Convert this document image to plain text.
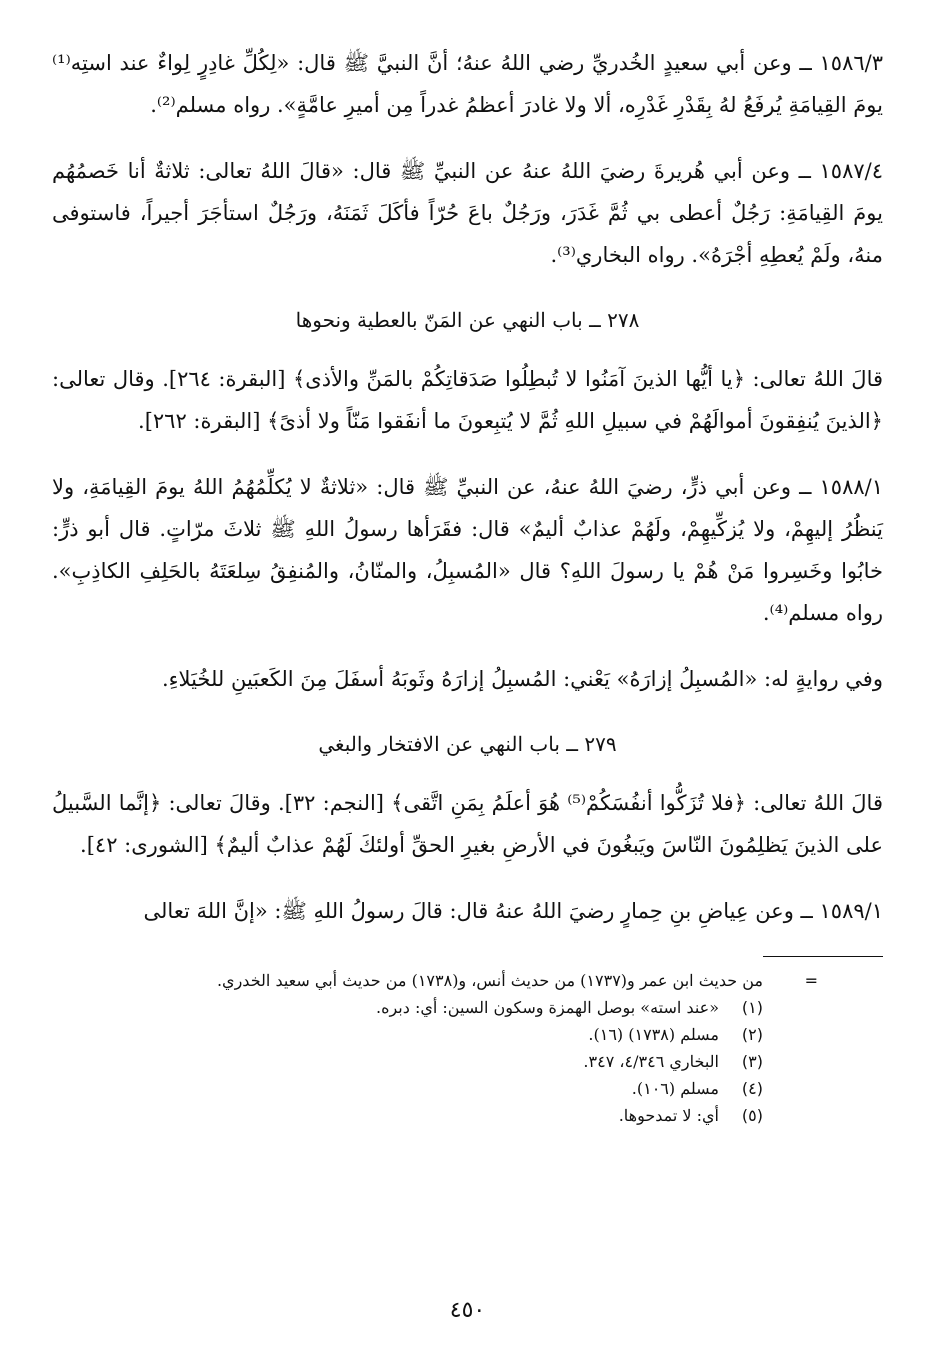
١٥٨٦/٣ ــ وعن أبي سعيدٍ الخُدريِّ رضي اللهُ عنهُ؛ أنَّ النبيَّ ﷺ قال: «لِكُلِّ غادِرٍ لِواءٌ عند استِه⁽¹⁾ يومَ القِيامَةِ يُرفَعُ لهُ بِقَدْرِ غَدْرِه، ألا ولا غادرَ أعظمُ غدراً مِن أميرِ عامَّةٍ». رواه مسلم⁽²⁾.

١٥٨٧/٤ ــ وعن أبي هُريرةَ رضيَ اللهُ عنهُ عن النبيِّ ﷺ قال: «قالَ اللهُ تعالى: ثلاثةٌ أنا خَصمُهُم يومَ القِيامَةِ: رَجُلٌ أعطى بي ثُمَّ غَدَرَ، ورَجُلٌ باعَ حُرّاً فأكَلَ ثَمَنَهُ، ورَجُلٌ استأجَرَ أجيراً، فاستوفى منهُ، ولَمْ يُعطِهِ أجْرَهُ». رواه البخاري⁽³⁾.

٢٧٨ ــ باب النهي عن المَنّ بالعطية ونحوها

قالَ اللهُ تعالى: ﴿يا أيُّها الذينَ آمَنُوا لا تُبطِلُوا صَدَقاتِكُمْ بالمَنِّ والأذى﴾ [البقرة: ٢٦٤]. وقال تعالى: ﴿الذينَ يُنفِقونَ أموالَهُمْ في سبيلِ اللهِ ثُمَّ لا يُتبِعونَ ما أنفَقوا مَنّاً ولا أذىً﴾ [البقرة: ٢٦٢].

١٥٨٨/١ ــ وعن أبي ذرٍّ، رضيَ اللهُ عنهُ، عن النبيِّ ﷺ قال: «ثلاثةٌ لا يُكلِّمُهُمُ اللهُ يومَ القِيامَةِ، ولا يَنظُرُ إليهِمْ، ولا يُزكِّيهِمْ، ولَهُمْ عذابٌ أليمٌ» قال: فقَرَأها رسولُ اللهِ ﷺ ثلاثَ مرّاتٍ. قال أبو ذرٍّ: خابُوا وخَسِروا مَنْ هُمْ يا رسولَ اللهِ؟ قال «المُسبِلُ، والمنّانُ، والمُنفِقُ سِلعَتَهُ بالحَلِفِ الكاذِبِ». رواه مسلم⁽⁴⁾.

وفي روايةٍ له: «المُسبِلُ إزارَهُ» يَعْني: المُسبِلُ إزارَهُ وثَوبَهُ أسفَلَ مِنَ الكَعبَينِ للخُيَلاءِ.

٢٧٩ ــ باب النهي عن الافتخار والبغي

قالَ اللهُ تعالى: ﴿فلا تُزَكُّوا أنفُسَكُمْ⁽⁵⁾ هُوَ أعلَمُ بِمَنِ اتَّقى﴾ [النجم: ٣٢]. وقالَ تعالى: ﴿إنَّما السَّبيلُ على الذينَ يَظلِمُونَ النّاسَ ويَبغُونَ في الأرضِ بغيرِ الحقِّ أولئكَ لَهُمْ عذابٌ أليمٌ﴾ [الشورى: ٤٢].

١٥٨٩/١ ــ وعن عِياضِ بنِ حِمارٍ رضيَ اللهُ عنهُ قال: قالَ رسولُ اللهِ ﷺ: «إنَّ اللهَ تعالى

=
من حديث ابن عمر و(١٧٣٧) من حديث أنس، و(١٧٣٨) من حديث أبي سعيد الخدري.
(١)
«عند استه» بوصل الهمزة وسكون السين: أي: دبره.
(٢)
مسلم (١٧٣٨) (١٦).
(٣)
البخاري ٤/٣٤٦، ٣٤٧.
(٤)
مسلم (١٠٦).
(٥)
أي: لا تمدحوها.
٤٥٠
